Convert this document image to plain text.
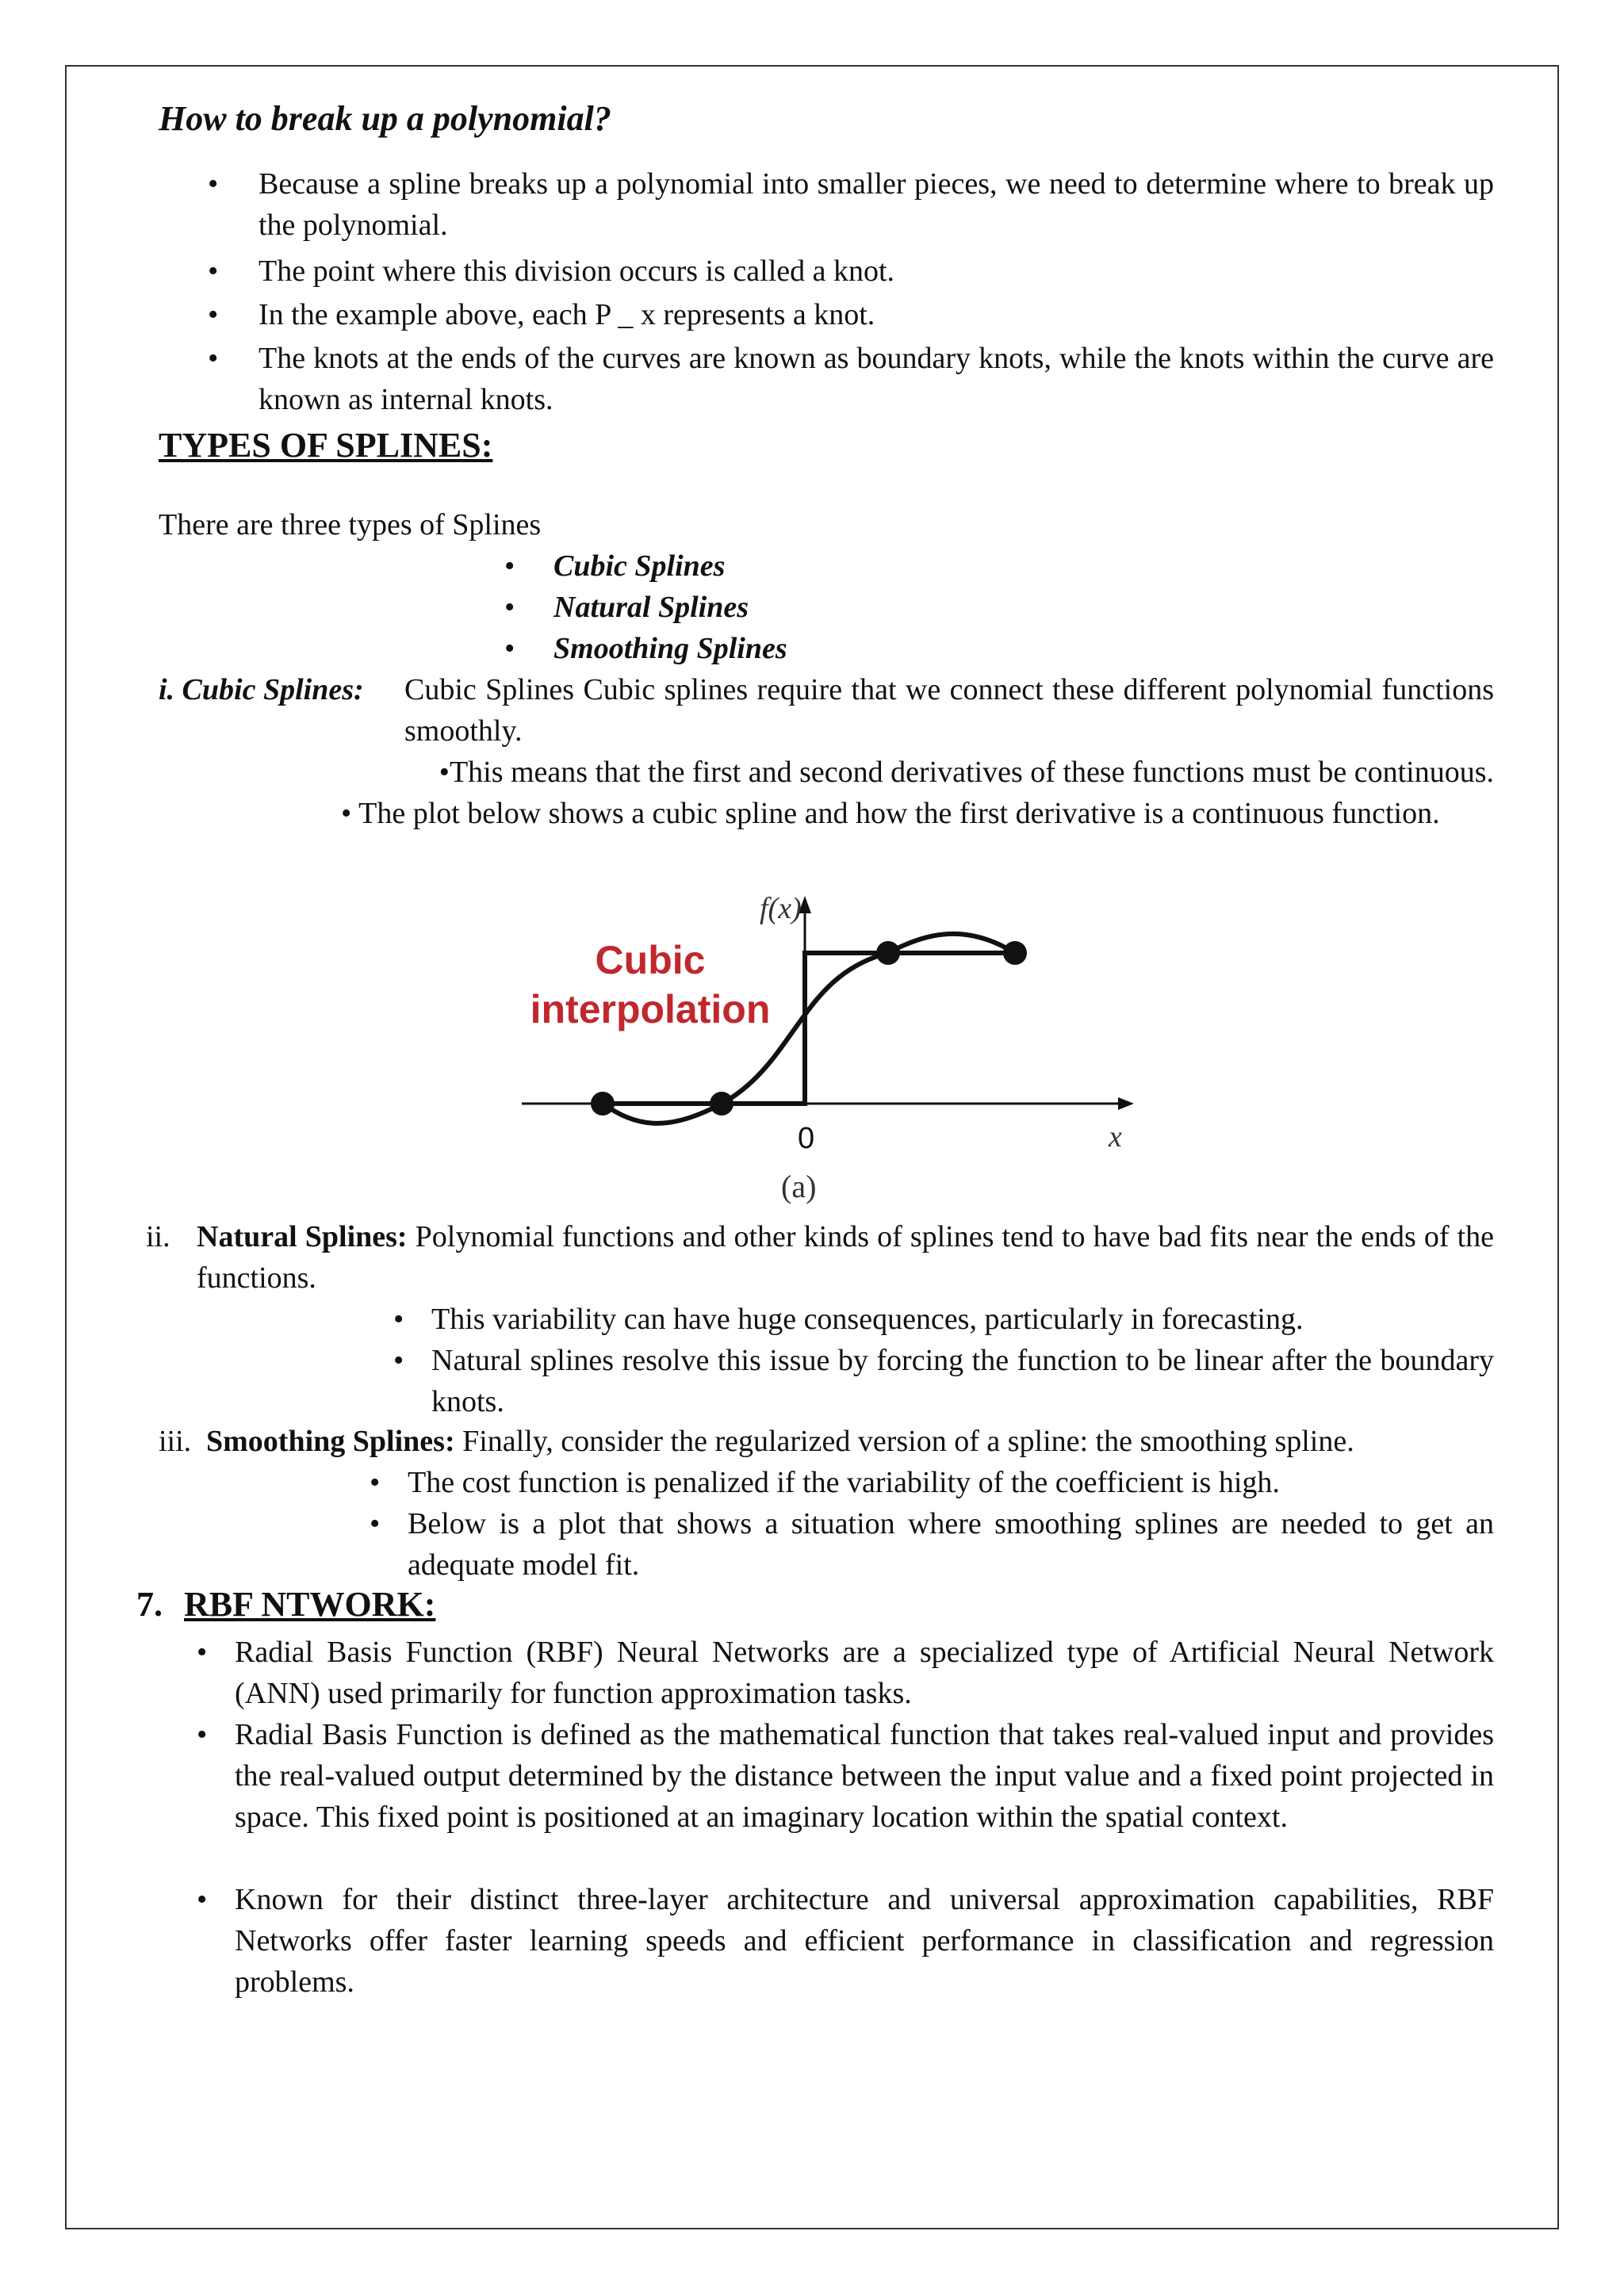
How to break up a polynomial?
• Because a spline breaks up a polynomial into smaller pieces, we need to determine where to break up the polynomial.
• The point where this division occurs is called a knot.
• In the example above, each P _ x represents a knot.
• The knots at the ends of the curves are known as boundary knots, while the knots within the curve are known as internal knots.
TYPES OF SPLINES:
There are three types of Splines
• Cubic Splines
• Natural Splines
• Smoothing Splines
i. Cubic Splines: Cubic Splines Cubic splines require that we connect these different polynomial functions smoothly.
•This means that the first and second derivatives of these functions must be continuous.
• The plot below shows a cubic spline and how the first derivative is a continuous function.
Cubic
interpolation
f(x)
x
0
(a)
ii. Natural Splines: Polynomial functions and other kinds of splines tend to have bad fits near the ends of the functions.
• This variability can have huge consequences, particularly in forecasting.
• Natural splines resolve this issue by forcing the function to be linear after the boundary knots.
iii. Smoothing Splines: Finally, consider the regularized version of a spline: the smoothing spline.
• The cost function is penalized if the variability of the coefficient is high.
• Below is a plot that shows a situation where smoothing splines are needed to get an adequate model fit.
7. RBF NTWORK:
• Radial Basis Function (RBF) Neural Networks are a specialized type of Artificial Neural Network (ANN) used primarily for function approximation tasks.
• Radial Basis Function is defined as the mathematical function that takes real-valued input and provides the real-valued output determined by the distance between the input value and a fixed point projected in space. This fixed point is positioned at an imaginary location within the spatial context.
• Known for their distinct three-layer architecture and universal approximation capabilities, RBF Networks offer faster learning speeds and efficient performance in classification and regression problems.
